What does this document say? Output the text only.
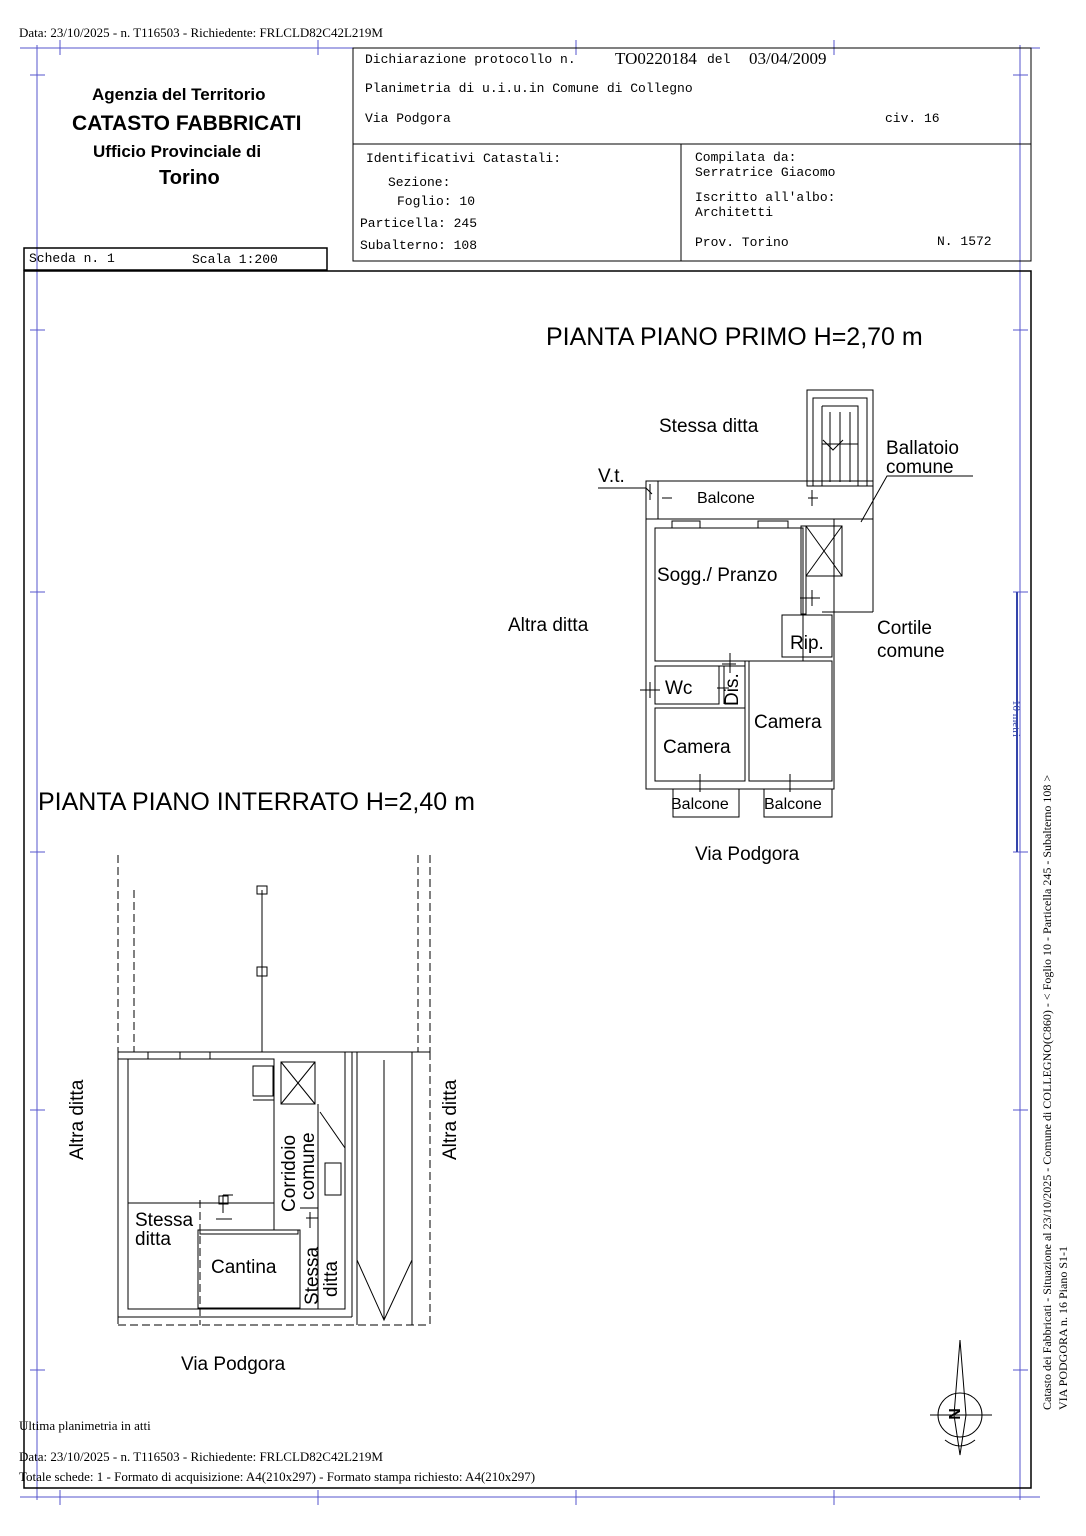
Data: 23/10/2025 - n. T116503 - Richiedente: FRLCLD82C42L219M
Agenzia del Territorio
CATASTO FABBRICATI
Ufficio Provinciale di
Torino
Dichiarazione protocollo n. TO0220184 del 03/04/2009
Planimetria di u.i.u.in Comune di Collegno
Via Podgora	civ. 16
Identificativi Catastali:
Sezione:
Foglio: 10
Particella: 245
Subalterno: 108
Compilata da:
Serratrice Giacomo
Iscritto all'albo:
Architetti
Prov. Torino	N. 1572
Scheda n. 1	Scala 1:200
PIANTA PIANO PRIMO H=2,70 m
Stessa ditta
Ballatoio
comune
V.t.
Balcone
Sogg./ Pranzo
Altra ditta
Rip.
Cortile
comune
Wc Dis.
Camera
Camera
Balcone Balcone
Via Podgora
PIANTA PIANO INTERRATO H=2,40 m
Altra ditta	Altra ditta
Corridoio
comune
Stessa
ditta
Cantina Stessa
ditta
Via Podgora
N
10 metri
Catasto dei Fabbricati - Situazione al 23/10/2025 - Comune di COLLEGNO(C860) - < Foglio 10 - Particella 245 - Subalterno 108 > VIA PODGORA n. 16 Piano S1-1
Ultima planimetria in atti
Data: 23/10/2025 - n. T116503 - Richiedente: FRLCLD82C42L219M
Totale schede: 1 - Formato di acquisizione: A4(210x297) - Formato stampa richiesto: A4(210x297)
